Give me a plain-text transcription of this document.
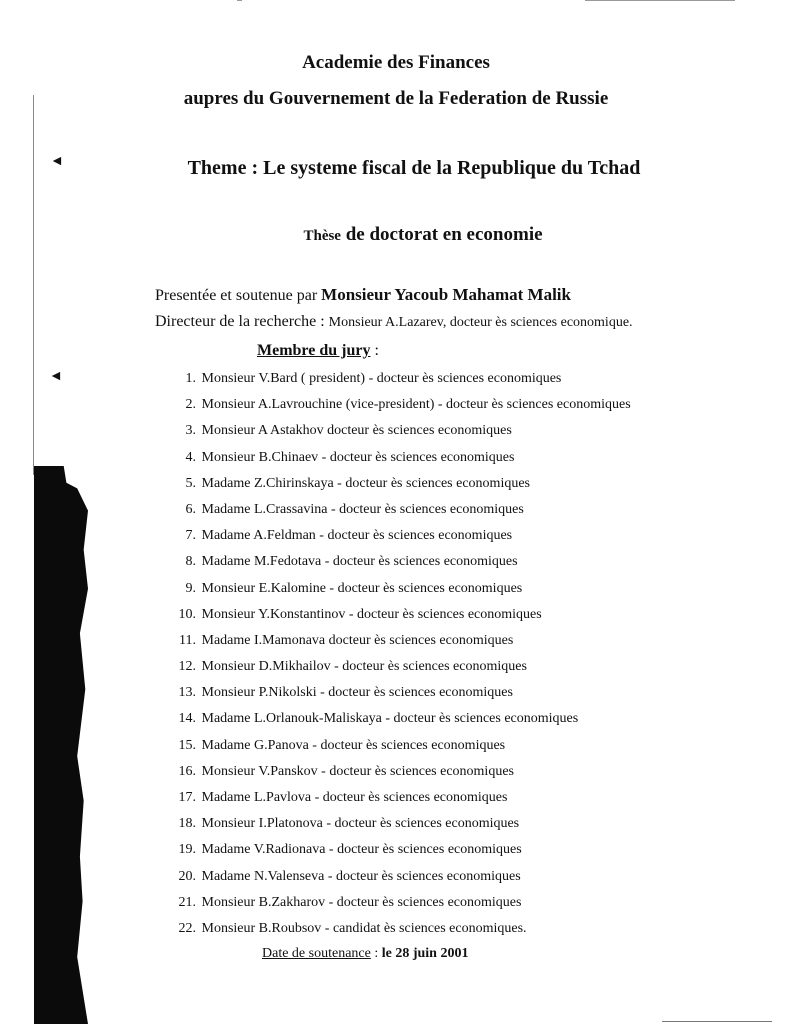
◄
◄
Academie des Finances
aupres du Gouvernement de la Federation de Russie
Theme : Le systeme fiscal de la Republique du Tchad
Thèse de doctorat en economie

Presentée et soutenue par Monsieur Yacoub Mahamat Malik

Directeur de la recherche : Monsieur A.Lazarev, docteur ès sciences economique.

Membre du jury :

1. Monsieur V.Bard ( president) - docteur ès sciences economiques
2. Monsieur A.Lavrouchine (vice-president) - docteur ès sciences economiques
3. Monsieur A Astakhov docteur ès sciences economiques
4. Monsieur B.Chinaev - docteur ès sciences economiques
5. Madame Z.Chirinskaya - docteur ès sciences economiques
6. Madame L.Crassavina - docteur ès sciences economiques
7. Madame A.Feldman - docteur ès sciences economiques
8. Madame M.Fedotava - docteur ès sciences economiques
9. Monsieur E.Kalomine - docteur ès sciences economiques
10. Monsieur Y.Konstantinov - docteur ès sciences economiques
11. Madame I.Mamonava docteur ès sciences economiques
12. Monsieur D.Mikhailov - docteur ès sciences economiques
13. Monsieur P.Nikolski - docteur ès sciences economiques
14. Madame L.Orlanouk-Maliskaya - docteur ès sciences economiques
15. Madame G.Panova - docteur ès sciences economiques
16. Monsieur V.Panskov - docteur ès sciences economiques
17. Madame L.Pavlova - docteur ès sciences economiques
18. Monsieur I.Platonova - docteur ès sciences economiques
19. Madame V.Radionava - docteur ès sciences economiques
20. Madame N.Valenseva - docteur ès sciences economiques
21. Monsieur B.Zakharov - docteur ès sciences economiques
22. Monsieur B.Roubsov - candidat ès sciences economiques.

Date de soutenance : le 28 juin 2001
